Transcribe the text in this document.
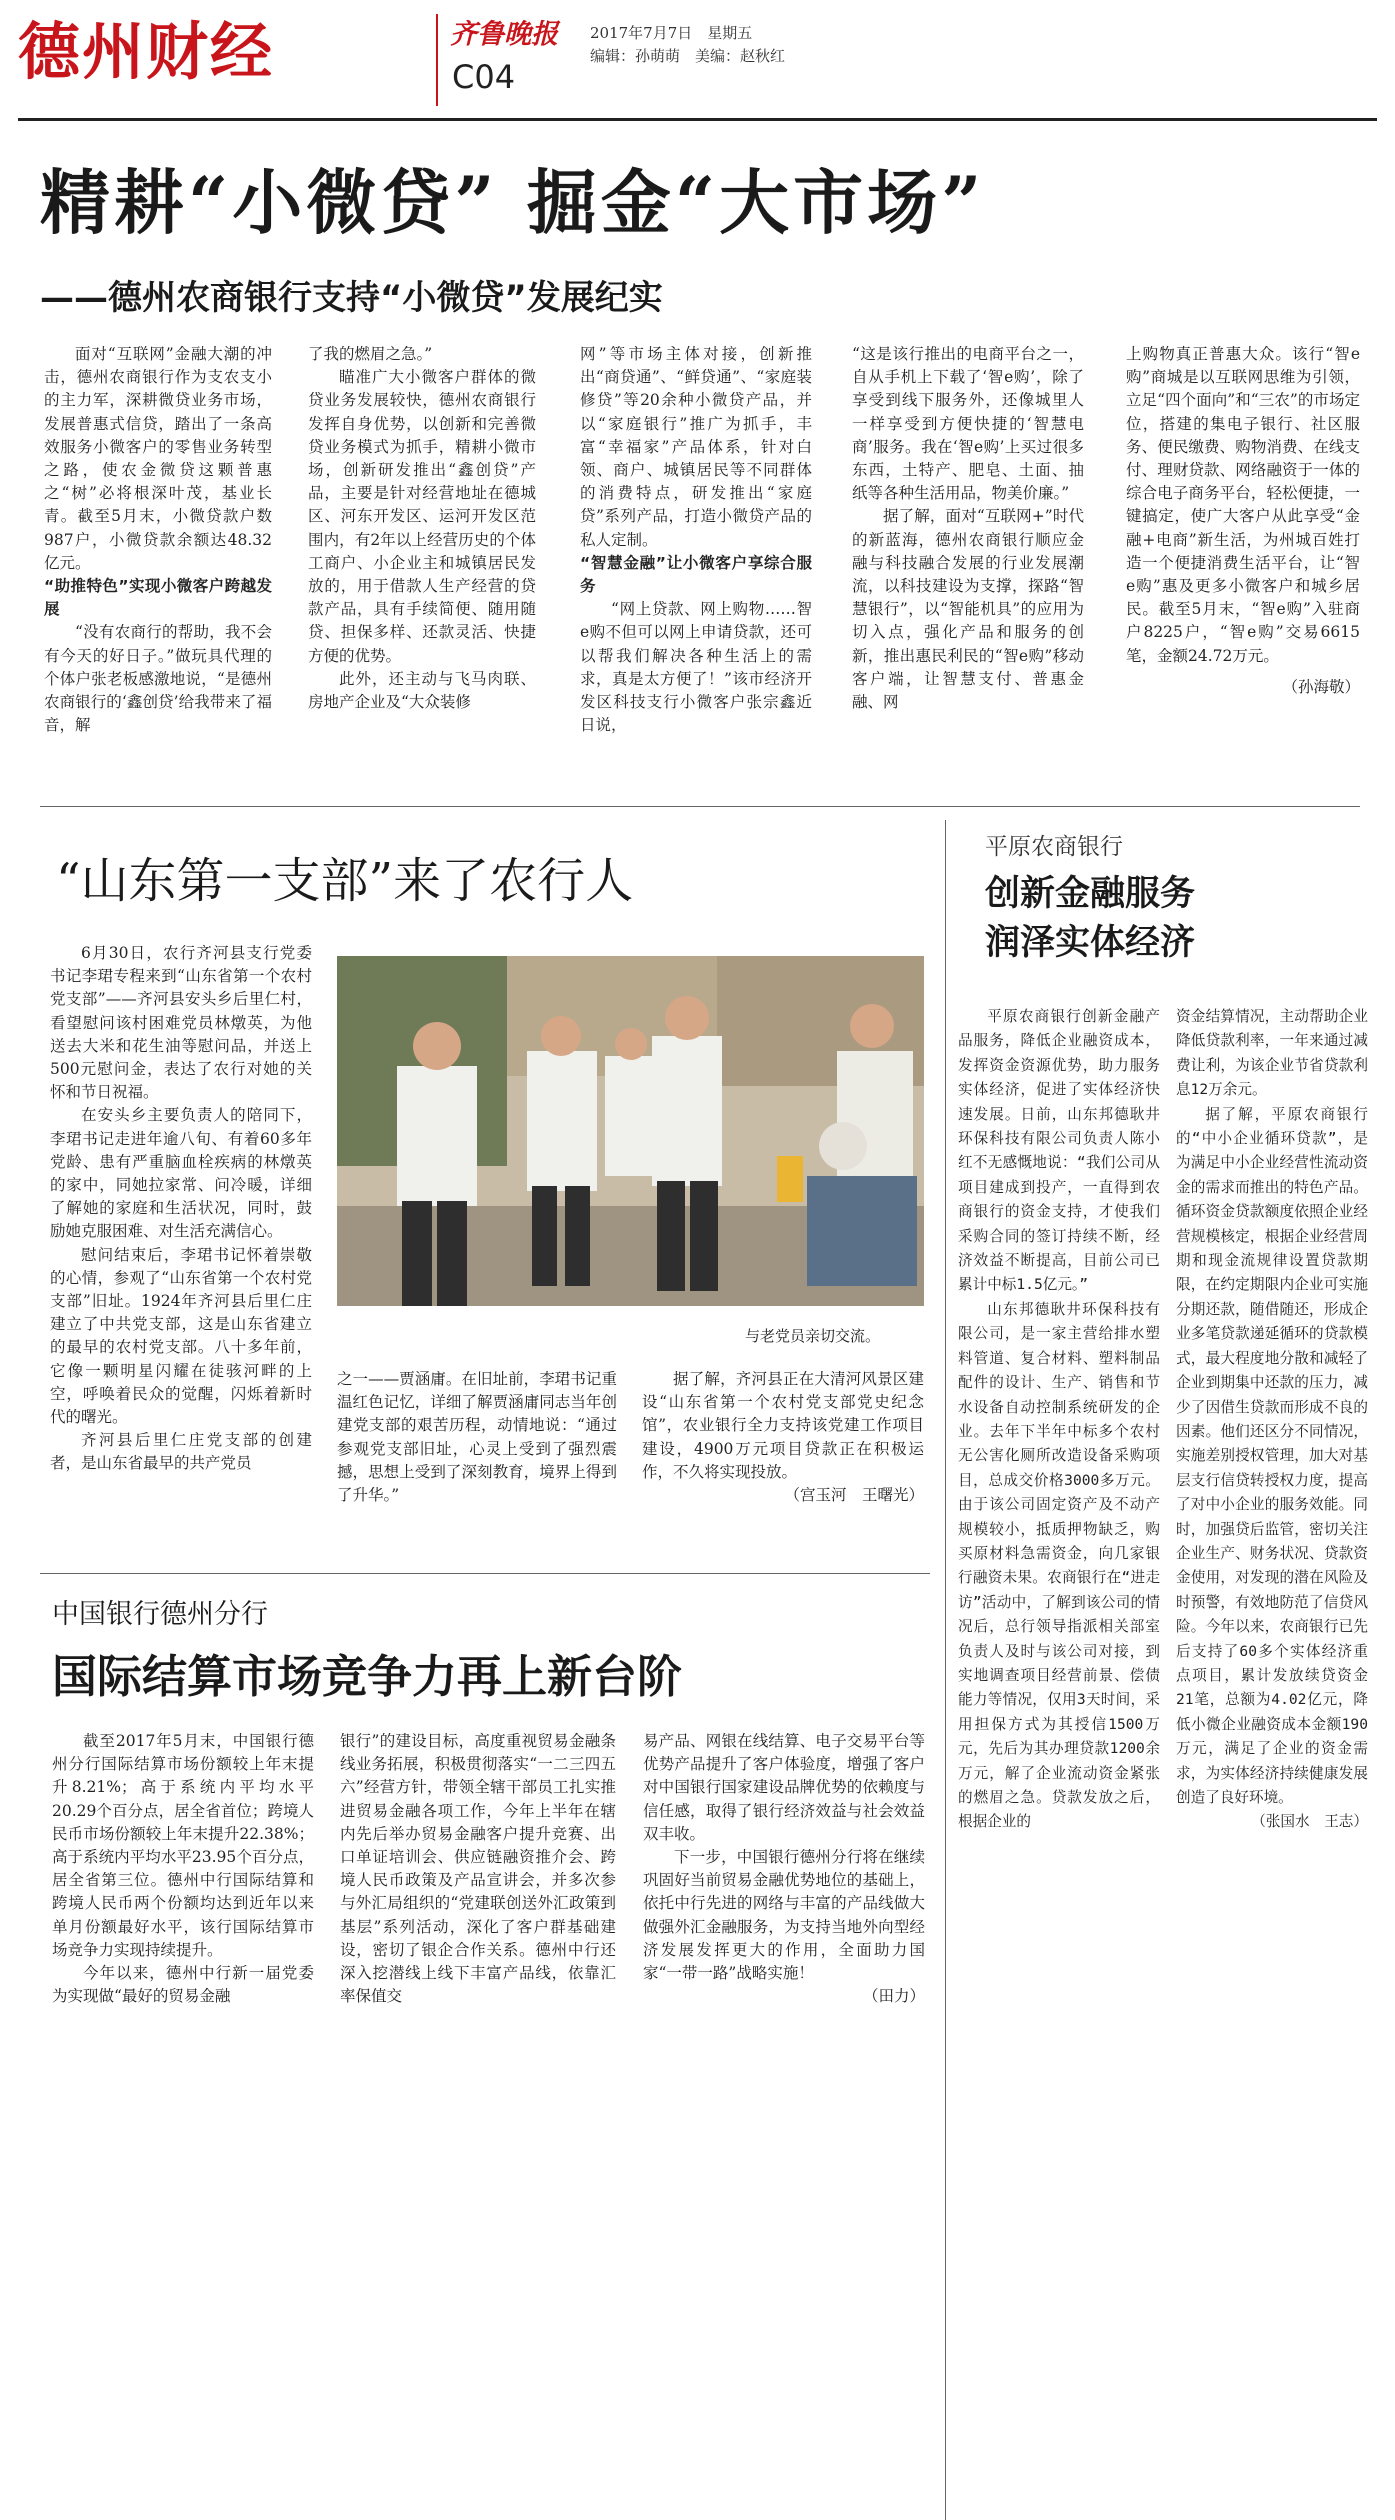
德州财经	齐鲁晚报
C04
2017年7月7日　星期五
编辑：孙萌萌　美编：赵秋红
精耕“小微贷” 掘金“大市场”
——德州农商银行支持“小微贷”发展纪实

面对“互联网”金融大潮的冲击，德州农商银行作为支农支小的主力军，深耕微贷业务市场，发展普惠式信贷，踏出了一条高效服务小微客户的零售业务转型之路，使农金微贷这颗普惠之“树”必将根深叶茂，基业长青。截至5月末，小微贷款户数987户，小微贷款余额达48.32亿元。

“助推特色”实现小微客户跨越发展

“没有农商行的帮助，我不会有今天的好日子。”做玩具代理的个体户张老板感激地说，“是德州农商银行的‘鑫创贷’给我带来了福音，解

了我的燃眉之急。”

瞄准广大小微客户群体的微贷业务发展较快，德州农商银行发挥自身优势，以创新和完善微贷业务模式为抓手，精耕小微市场，创新研发推出“鑫创贷”产品，主要是针对经营地址在德城区、河东开发区、运河开发区范围内，有2年以上经营历史的个体工商户、小企业主和城镇居民发放的，用于借款人生产经营的贷款产品，具有手续简便、随用随贷、担保多样、还款灵活、快捷方便的优势。

此外，还主动与飞马肉联、房地产企业及“大众装修

网”等市场主体对接，创新推出“商贷通”、“鲜贷通”、“家庭装修贷”等20余种小微贷产品，并以“家庭银行”推广为抓手，丰富“幸福家”产品体系，针对白领、商户、城镇居民等不同群体的消费特点，研发推出“家庭贷”系列产品，打造小微贷产品的私人定制。

“智慧金融”让小微客户享综合服务

“网上贷款、网上购物……智e购不但可以网上申请贷款，还可以帮我们解决各种生活上的需求，真是太方便了！”该市经济开发区科技支行小微客户张宗鑫近日说，

“这是该行推出的电商平台之一，自从手机上下载了‘智e购’，除了享受到线下服务外，还像城里人一样享受到方便快捷的‘智慧电商’服务。我在‘智e购’上买过很多东西，土特产、肥皂、土面、抽纸等各种生活用品，物美价廉。”

据了解，面对“互联网+”时代的新蓝海，德州农商银行顺应金融与科技融合发展的行业发展潮流，以科技建设为支撑，探路“智慧银行”，以“智能机具”的应用为切入点，强化产品和服务的创新，推出惠民利民的“智e购”移动客户端，让智慧支付、普惠金融、网

上购物真正普惠大众。该行“智e购”商城是以互联网思维为引领，立足“四个面向”和“三农”的市场定位，搭建的集电子银行、社区服务、便民缴费、购物消费、在线支付、理财贷款、网络融资于一体的综合电子商务平台，轻松便捷，一键搞定，使广大客户从此享受“金融+电商”新生活，为州城百姓打造一个便捷消费生活平台，让“智e购”惠及更多小微客户和城乡居民。截至5月末，“智e购”入驻商户8225户，“智e购”交易6615笔，金额24.72万元。

（孙海敬）

“山东第一支部”来了农行人

6月30日，农行齐河县支行党委书记李珺专程来到“山东省第一个农村党支部”——齐河县安头乡后里仁村，看望慰问该村困难党员林燉英，为他送去大米和花生油等慰问品，并送上500元慰问金，表达了农行对她的关怀和节日祝福。

在安头乡主要负责人的陪同下，李珺书记走进年逾八旬、有着60多年党龄、患有严重脑血栓疾病的林燉英的家中，同她拉家常、问冷暖，详细了解她的家庭和生活状况，同时，鼓励她克服困难、对生活充满信心。

慰问结束后，李珺书记怀着崇敬的心情，参观了“山东省第一个农村党支部”旧址。1924年齐河县后里仁庄建立了中共党支部，这是山东省建立的最早的农村党支部。八十多年前，它像一颗明星闪耀在徒骇河畔的上空，呼唤着民众的觉醒，闪烁着新时代的曙光。

齐河县后里仁庄党支部的创建者，是山东省最早的共产党员

与老党员亲切交流。

之一——贾涵庸。在旧址前，李珺书记重温红色记忆，详细了解贾涵庸同志当年创建党支部的艰苦历程，动情地说：“通过参观党支部旧址，心灵上受到了强烈震撼，思想上受到了深刻教育，境界上得到了升华。”

据了解，齐河县正在大清河风景区建设“山东省第一个农村党支部党史纪念馆”，农业银行全力支持该党建工作项目建设，4900万元项目贷款正在积极运作，不久将实现投放。

（宫玉河　王曙光）

平原农商银行
创新金融服务
润泽实体经济

平原农商银行创新金融产品服务，降低企业融资成本，发挥资金资源优势，助力服务实体经济，促进了实体经济快速发展。日前，山东邦德耿井环保科技有限公司负责人陈小红不无感慨地说：“我们公司从项目建成到投产，一直得到农商银行的资金支持，才使我们采购合同的签订持续不断，经济效益不断提高，目前公司已累计中标1.5亿元。”

山东邦德耿井环保科技有限公司，是一家主营给排水塑料管道、复合材料、塑料制品配件的设计、生产、销售和节水设备自动控制系统研发的企业。去年下半年中标多个农村无公害化厕所改造设备采购项目，总成交价格3000多万元。由于该公司固定资产及不动产规模较小，抵质押物缺乏，购买原材料急需资金，向几家银行融资未果。农商银行在“进走访”活动中，了解到该公司的情况后，总行领导指派相关部室负责人及时与该公司对接，到实地调查项目经营前景、偿债能力等情况，仅用3天时间，采用担保方式为其授信1500万元，先后为其办理贷款1200余万元，解了企业流动资金紧张的燃眉之急。贷款发放之后，根据企业的

资金结算情况，主动帮助企业降低贷款利率，一年来通过减费让利，为该企业节省贷款利息12万余元。

据了解，平原农商银行的“中小企业循环贷款”，是为满足中小企业经营性流动资金的需求而推出的特色产品。循环资金贷款额度依照企业经营规模核定，根据企业经营周期和现金流规律设置贷款期限，在约定期限内企业可实施分期还款，随借随还，形成企业多笔贷款递延循环的贷款模式，最大程度地分散和减轻了企业到期集中还款的压力，减少了因借生贷款而形成不良的因素。他们还区分不同情况，实施差别授权管理，加大对基层支行信贷转授权力度，提高了对中小企业的服务效能。同时，加强贷后监管，密切关注企业生产、财务状况、贷款资金使用，对发现的潜在风险及时预警，有效地防范了信贷风险。今年以来，农商银行已先后支持了60多个实体经济重点项目，累计发放续贷资金21笔，总额为4.02亿元，降低小微企业融资成本金额190万元，满足了企业的资金需求，为实体经济持续健康发展创造了良好环境。

（张国水　王志）

中国银行德州分行
国际结算市场竞争力再上新台阶

截至2017年5月末，中国银行德州分行国际结算市场份额较上年末提升8.21%；高于系统内平均水平20.29个百分点，居全省首位；跨境人民币市场份额较上年末提升22.38%；高于系统内平均水平23.95个百分点，居全省第三位。德州中行国际结算和跨境人民币两个份额均达到近年以来单月份额最好水平，该行国际结算市场竞争力实现持续提升。

今年以来，德州中行新一届党委为实现做“最好的贸易金融

银行”的建设目标，高度重视贸易金融条线业务拓展，积极贯彻落实“一二三四五六”经营方针，带领全辖干部员工扎实推进贸易金融各项工作，今年上半年在辖内先后举办贸易金融客户提升竞赛、出口单证培训会、供应链融资推介会、跨境人民币政策及产品宣讲会，并多次参与外汇局组织的“党建联创送外汇政策到基层”系列活动，深化了客户群基础建设，密切了银企合作关系。德州中行还深入挖潜线上线下丰富产品线，依靠汇率保值交

易产品、网银在线结算、电子交易平台等优势产品提升了客户体验度，增强了客户对中国银行国家建设品牌优势的依赖度与信任感，取得了银行经济效益与社会效益双丰收。

下一步，中国银行德州分行将在继续巩固好当前贸易金融优势地位的基础上，依托中行先进的网络与丰富的产品线做大做强外汇金融服务，为支持当地外向型经济发展发挥更大的作用，全面助力国家“一带一路”战略实施！

（田力）
